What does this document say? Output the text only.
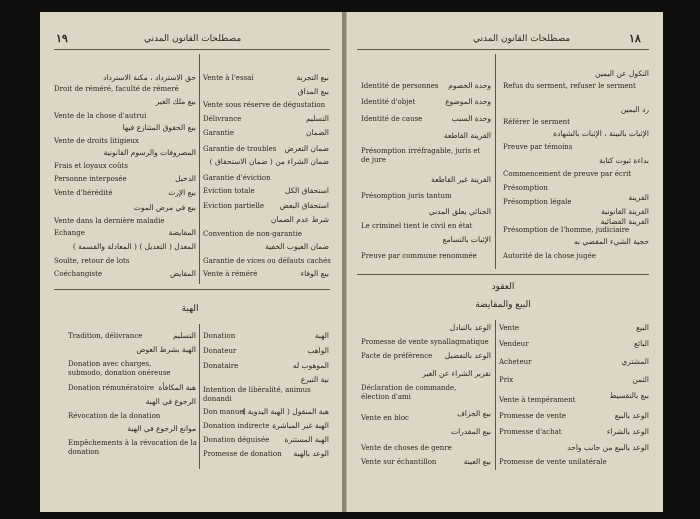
١٩	مصطلحات القانون المدني
الهبة
حق الاسترداد ، مكنة الاسترداد
Droit de réméré, faculté de rémeré
بيع ملك الغير
Vente de la chose d'autrui
بيع الحقوق المتنازع فيها
Vente de droits litigieux
المصروفات والرسوم القانونية
Frais et loyaux coûts
Personne interposée	الدخيل
Vente d'hérédité	بيع الإرث
بيع في مرض الموت
Vente dans la dernière maladie
Echange	المقايضة
المعدل ( التعديل ) ( المعادلة والقسمة )
Soulte, retour de lots
Coéchangiste	المقايض
Vente à l'essai	بيع التجربة
بيع المذاق
Vente sous réserve de dégustation
Délivrance	التسليم
Garantie	الضمان
Garantie de troubles	ضمان التعرض
ضمان الشراء من ( ضمان الاستحقاق )
Garantie d'éviction
Eviction totale	استحقاق الكل
Eviction partielle	استحقاق البعض
شرط عدم الضمان
Convention de non-garantie
ضمان العيوب الخفية
Garantie de vices ou défauts cachés
Vente à réméré	بيع الوفاء
Tradition, délivrance	التسليم
الهبة بشرط العوض
Donation avec charges, submodo, donation onéreuse
Donation rémunératoire هبة المكافأة
الرجوع في الهبة
Révocation de la donation
موانع الرجوع في الهبة
Empêchements à la révocation de la donation
Donation	الهبة
Donateur	الواهب
Donataire	الموهوب له
نية التبرع
Intention de libéralité, animus donandi
Don manuel
هبة المنقول ( الهبة اليدوية )
Donation indirecte الهبة غير المباشرة
Donation déguisée	الهبة المستترة
Promesse de donation	الوعد بالهبة
مصطلحات القانون المدني	١٨
العقود
البيع والمقايضة
Identité de personnes	وحدة الخصوم
Identité d'objet	وحدة الموضوع
Identité de cause	وحدة السبب
القرينة القاطعة
Présomption irréfragable, juris et de jure
القرينة غير القاطعة
Présomption juris tantum
الجنائي يعلق المدني
Le criminel tient le civil en état
الإثبات بالتسامع
Preuve par commune renommée
النكول عن اليمين
Refus du serment, refuser le serment
رد اليمين
Référer le serment
الإثبات بالبينة ، الإثبات بالشهادة
Preuve par témoins
بداءة ثبوت كتابة
Commencement de preuve par écrit
Présomption
القرينة
Présomption légale
القرينة القانونية
القرينة القضائية
Présomption de l'homme, judiciaire
حجية الشيء المقضي به
Autorité de la chose jugée
الوعد بالتبادل
Promesse de vente synallagmatique
Pacte de préférence	الوعد بالتفضيل
تقرير الشراء عن الغير
Déclaration de commande, élection d'ami
بيع الجزاف
Vente en bloc
بيع المقدرات
Vente de choses de genre
Vente sur échantillon	بيع العينة
Vente	البيع
Vendeur	البائع
Acheteur	المشتري
Prix	الثمن
بيع بالتقسيط
Vente à tempérament
Promesse de vente	الوعد بالبيع
Promesse d'achat	الوعد بالشراء
الوعد بالبيع من جانب واحد
Promesse de vente unilatérale
